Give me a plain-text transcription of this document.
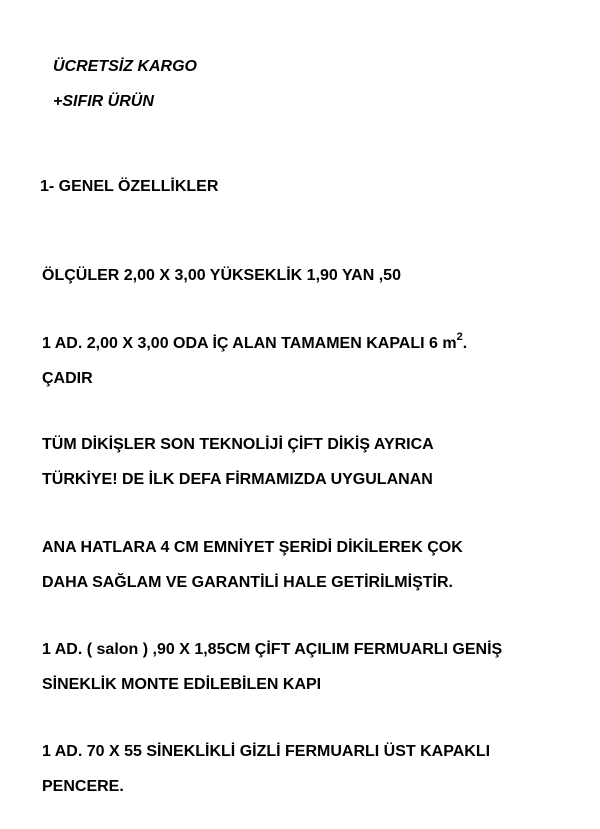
ÜCRETSİZ KARGO
+SIFIR ÜRÜN
1- GENEL ÖZELLİKLER
ÖLÇÜLER 2,00 X 3,00 YÜKSEKLİK 1,90 YAN ,50
1 AD. 2,00 X 3,00 ODA İÇ ALAN TAMAMEN KAPALI 6 $m^2$.
ÇADIR
TÜM DİKİŞLER SON TEKNOLİJİ ÇİFT DİKİŞ AYRICA
TÜRKİYE! DE İLK DEFA FİRMAMIZDA UYGULANAN
ANA HATLARA 4 CM EMNİYET ŞERİDİ DİKİLEREK ÇOK
DAHA SAĞLAM VE GARANTİLİ HALE GETİRİLMİŞTİR.
1 AD. ( salon ) ,90 X 1,85CM ÇİFT AÇILIM FERMUARLI GENİŞ
SİNEKLİK MONTE EDİLEBİLEN KAPI
1 AD. 70 X 55 SİNEKLİKLİ GİZLİ FERMUARLI ÜST KAPAKLI
PENCERE.
